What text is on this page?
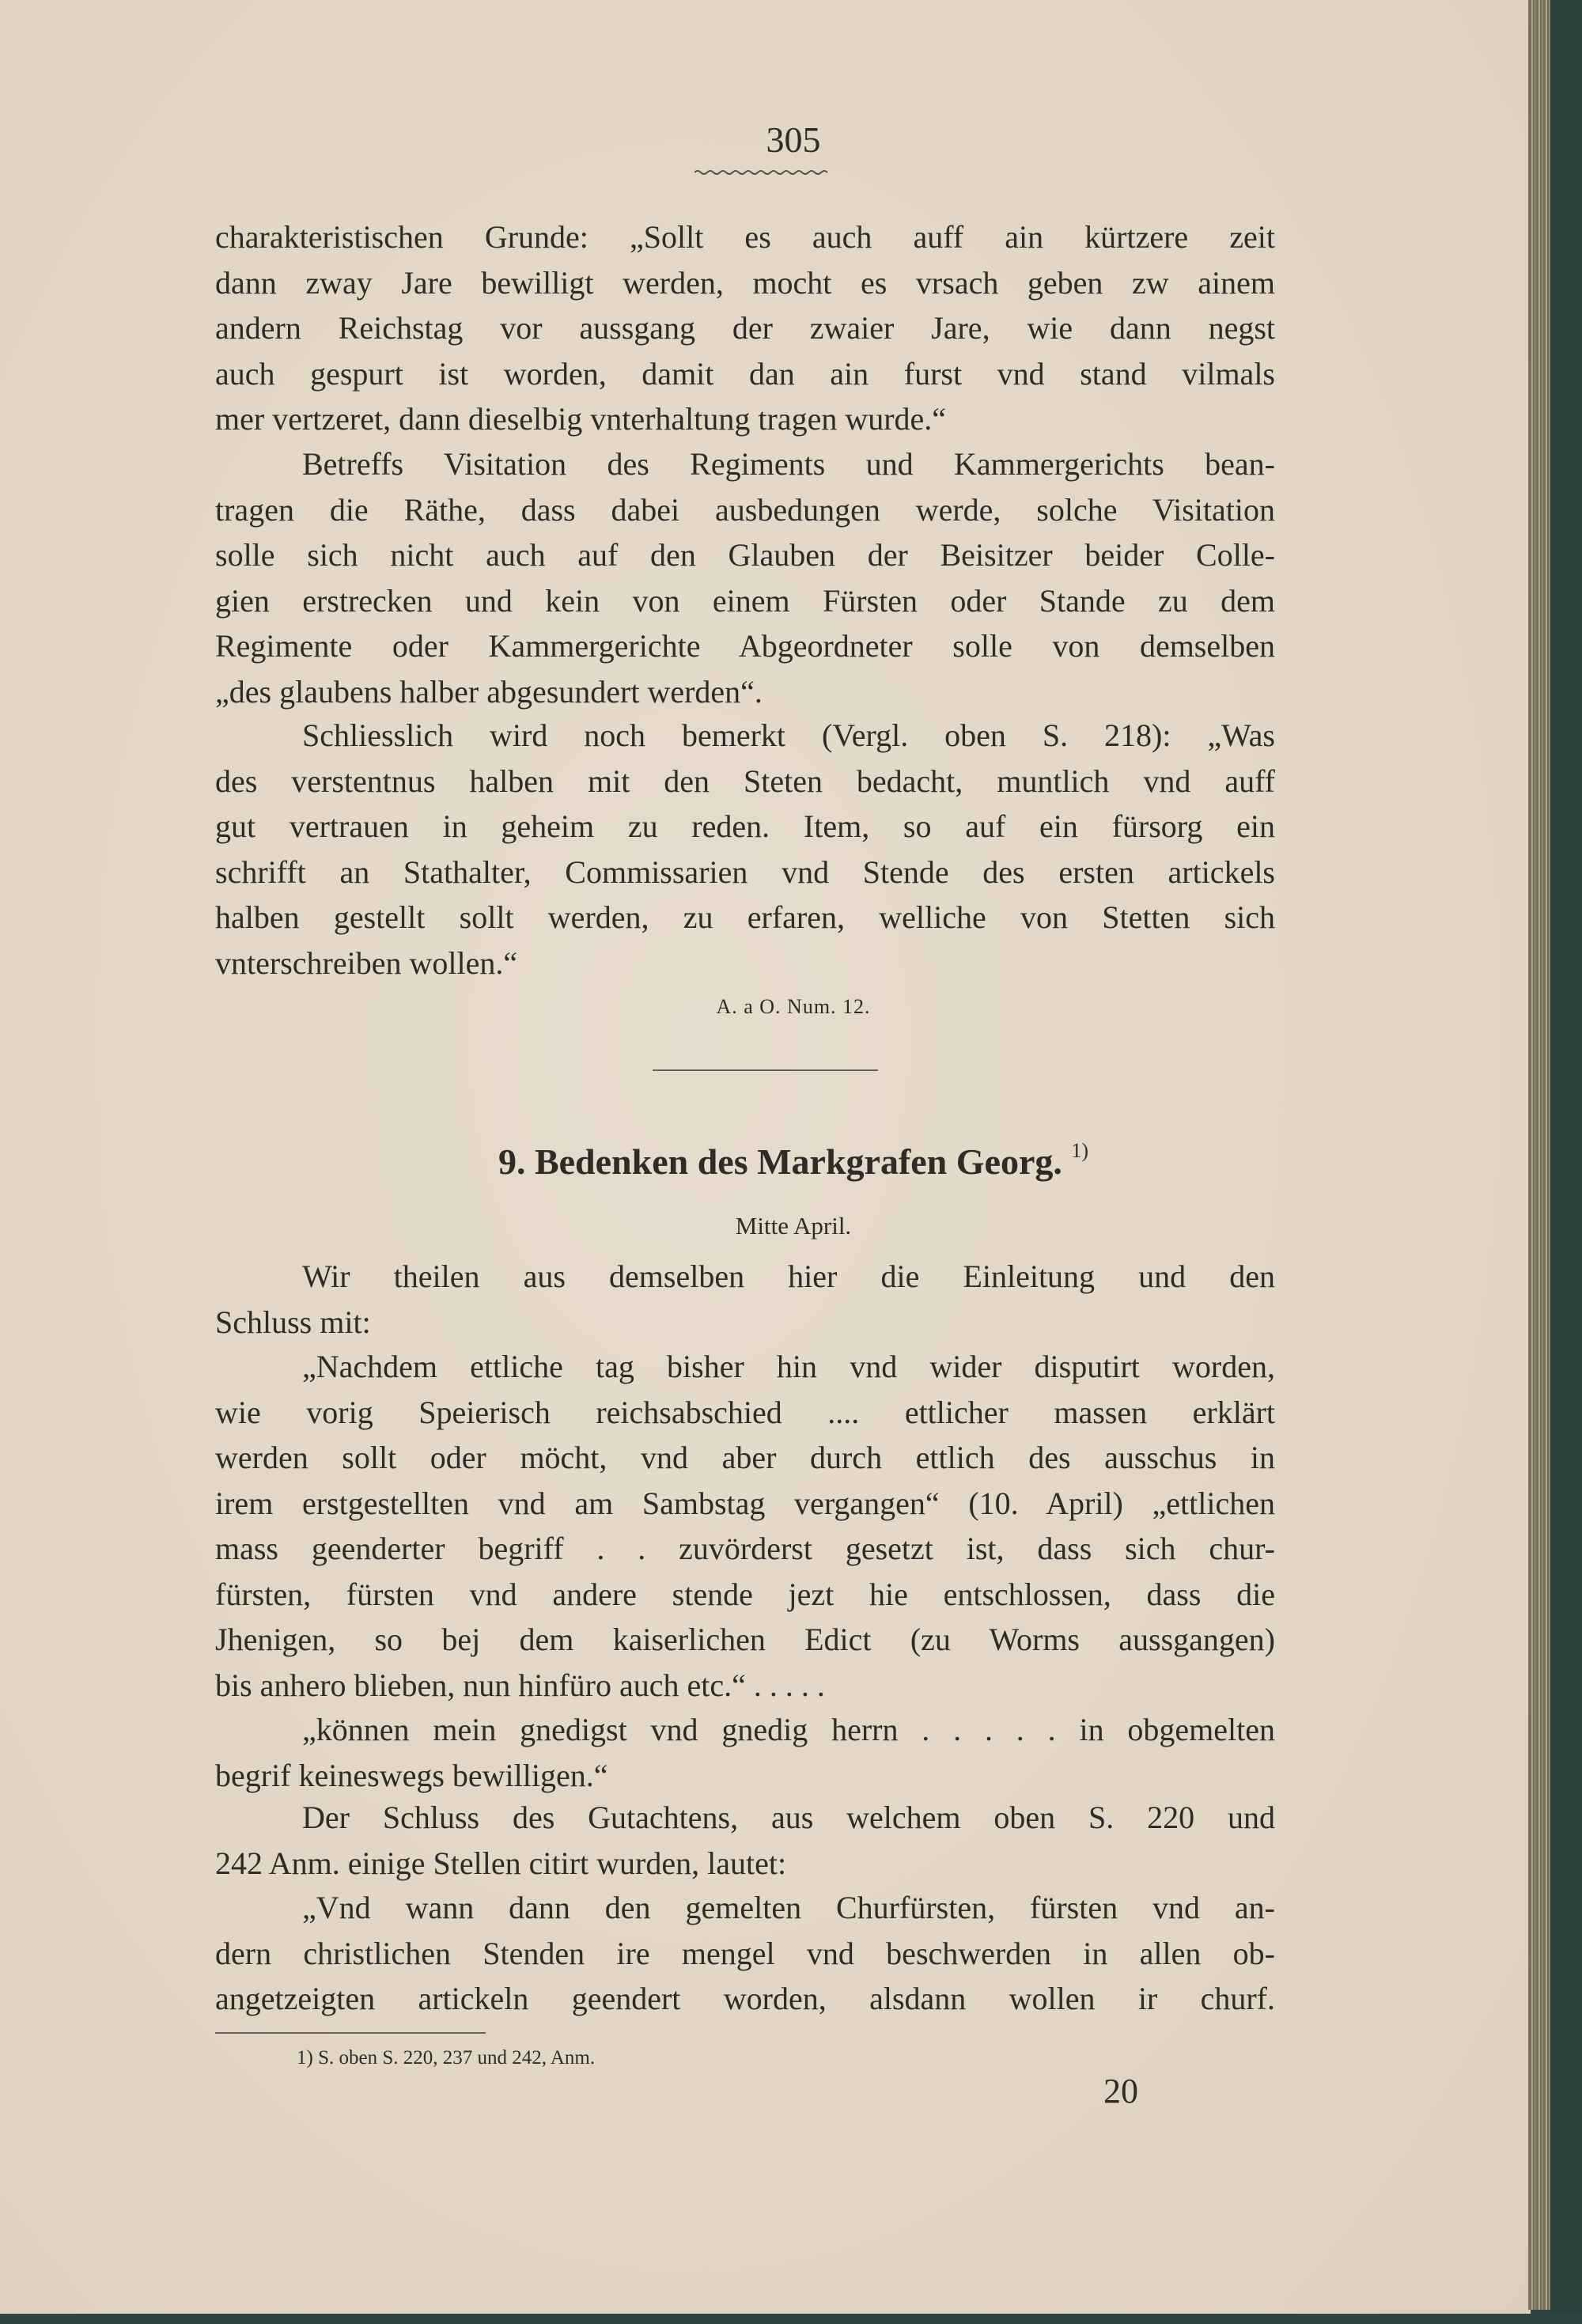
305
charakteristischen Grunde: „Sollt es auch auff ain kürtzere zeit
dann zway Jare bewilligt werden, mocht es vrsach geben zw ainem
andern Reichstag vor aussgang der zwaier Jare, wie dann negst
auch gespurt ist worden, damit dan ain furst vnd stand vilmals
mer vertzeret, dann dieselbig vnterhaltung tragen wurde.“
Betreffs Visitation des Regiments und Kammergerichts bean-
tragen die Räthe, dass dabei ausbedungen werde, solche Visitation
solle sich nicht auch auf den Glauben der Beisitzer beider Colle-
gien erstrecken und kein von einem Fürsten oder Stande zu dem
Regimente oder Kammergerichte Abgeordneter solle von demselben
„des glaubens halber abgesundert werden“.
Schliesslich wird noch bemerkt (Vergl. oben S. 218): „Was
des verstentnus halben mit den Steten bedacht, muntlich vnd auff
gut vertrauen in geheim zu reden. Item, so auf ein fürsorg ein
schrifft an Stathalter, Commissarien vnd Stende des ersten artickels
halben gestellt sollt werden, zu erfaren, welliche von Stetten sich
vnterschreiben wollen.“
A. a O. Num. 12.
9. Bedenken des Markgrafen Georg. $^{1)}$
Mitte April.
Wir theilen aus demselben hier die Einleitung und den
Schluss mit:
„Nachdem ettliche tag bisher hin vnd wider disputirt worden,
wie vorig Speierisch reichsabschied .... ettlicher massen erklärt
werden sollt oder möcht, vnd aber durch ettlich des ausschus in
irem erstgestellten vnd am Sambstag vergangen“ (10. April) „ettlichen
mass geenderter begriff . . zuvörderst gesetzt ist, dass sich chur-
fürsten, fürsten vnd andere stende jezt hie entschlossen, dass die
Jhenigen, so bej dem kaiserlichen Edict (zu Worms aussgangen)
bis anhero blieben, nun hinfüro auch etc.“ . . . . .
„können mein gnedigst vnd gnedig herrn . . . . . in obgemelten
begrif keineswegs bewilligen.“
Der Schluss des Gutachtens, aus welchem oben S. 220 und
242 Anm. einige Stellen citirt wurden, lautet:
„Vnd wann dann den gemelten Churfürsten, fürsten vnd an-
dern christlichen Stenden ire mengel vnd beschwerden in allen ob-
angetzeigten artickeln geendert worden, alsdann wollen ir churf.
1) S. oben S. 220, 237 und 242, Anm.
20
